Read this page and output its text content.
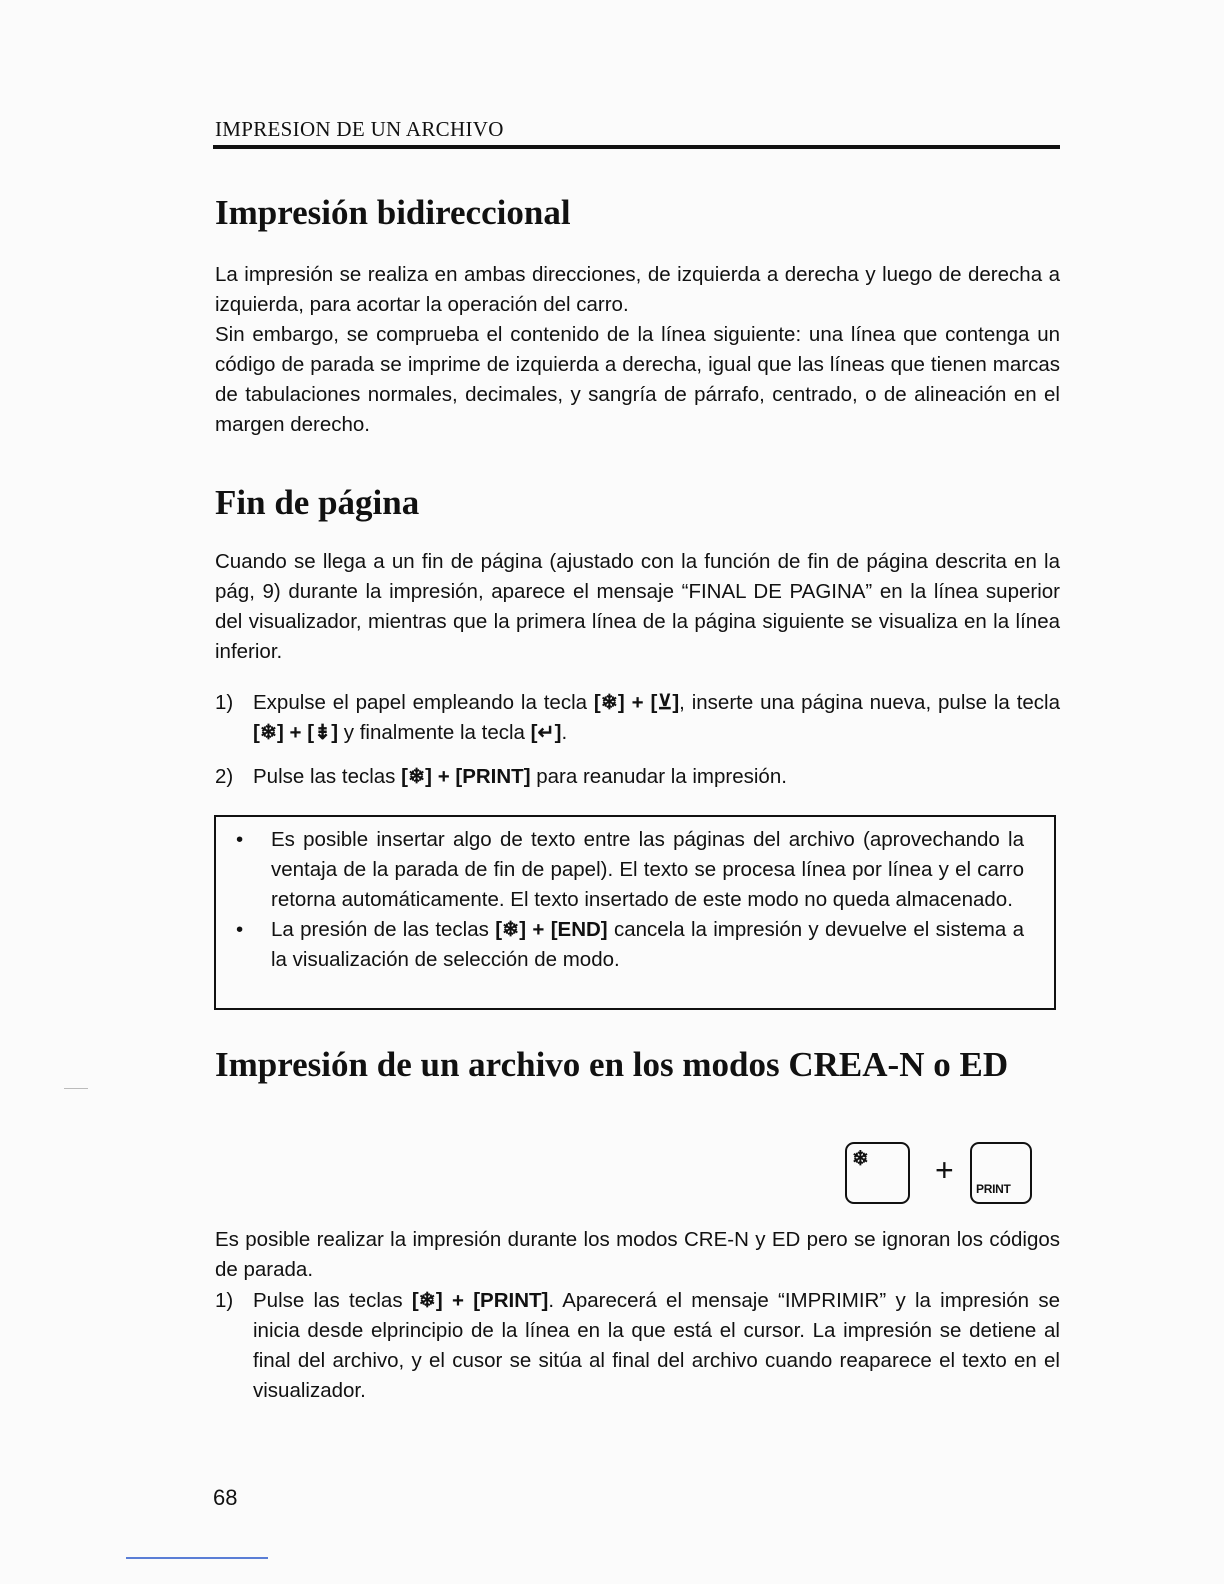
IMPRESION DE UN ARCHIVO
Impresión bidireccional

La impresión se realiza en ambas direcciones, de izquierda a derecha y luego de derecha a izquierda, para acortar la operación del carro.

Sin embargo, se comprueba el contenido de la línea siguiente: una línea que contenga un código de parada se imprime de izquierda a derecha, igual que las líneas que tienen marcas de tabulaciones normales, decimales, y sangría de párrafo, centrado, o de alineación en el margen derecho.

Fin de página

Cuando se llega a un fin de página (ajustado con la función de fin de página descrita en la pág, 9) durante la impresión, aparece el mensaje “FINAL DE PAGINA” en la línea superior del visualizador, mientras que la primera línea de la página siguiente se visualiza en la línea inferior.

1) Expulse el papel empleando la tecla [❄] + [⊻], inserte una página nueva, pulse la tecla [❄] + [⇟] y finalmente la tecla [↵].
2) Pulse las teclas [❄] + [PRINT] para reanudar la impresión.
• Es posible insertar algo de texto entre las páginas del archivo (aprovechando la ventaja de la parada de fin de papel). El texto se procesa línea por línea y el carro retorna automáticamente. El texto insertado de este modo no queda almacenado.
• La presión de las teclas [❄] + [END] cancela la impresión y devuelve el sistema a la visualización de selección de modo.
Impresión de un archivo en los modos CREA-N o ED
❄ +
PRINT

Es posible realizar la impresión durante los modos CRE-N y ED pero se ignoran los códigos de parada.

1) Pulse las teclas [❄] + [PRINT]. Aparecerá el mensaje “IMPRIMIR” y la impresión se inicia desde elprincipio de la línea en la que está el cursor. La impresión se detiene al final del archivo, y el cusor se sitúa al final del archivo cuando reaparece el texto en el visualizador.
68
